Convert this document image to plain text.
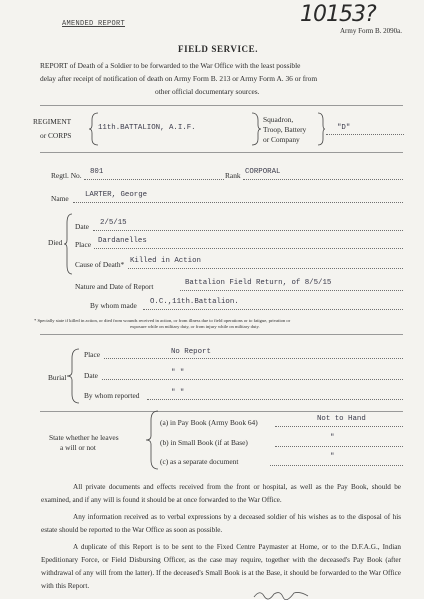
AMENDED REPORT	10153?
Army Form B. 2090a.
FIELD SERVICE.
REPORT of Death of a Soldier to be forwarded to the War Office with the least possible
delay after receipt of notification of death on Army Form B. 213 or Army Form A. 36 or from
other official documentary sources.
REGIMENT
or CORPS
11th.BATTALION, A.I.F.
Squadron,
Troop, Battery
or Company
"D"
Regtl. No. 801	Rank CORPORAL
Name LARTER, George
Died
Date 2/5/15
Place Dardanelles
Cause of Death* Killed in Action
Nature and Date of Report	Battalion Field Return, of 8/5/15
By whom made O.C.,11th.Battalion.
* Specially state if killed in action, or died from wounds received in action, or from illness due to field operations or to fatigue, privation or
exposure while on military duty, or from injury while on military duty.
Burial
Place	No Report
Date	" "
By whom reported	" "
State whether he leaves
a will or not
(a) in Pay Book (Army Book 64)	Not to Hand
(b) in Small Book (if at Base)	"
(c) as a separate document	"
All private documents and effects received from the front or hospital, as well as the Pay Book, should be examined, and if any will is found it should be at once forwarded to the War Office.
Any information received as to verbal expressions by a deceased soldier of his wishes as to the disposal of his estate should be reported to the War Office as soon as possible.
A duplicate of this Report is to be sent to the Fixed Centre Paymaster at Home, or to the D.F.A.G., Indian Epeditionary Force, or Field Disbursing Officer, as the case may require, together with the deceased's Pay Book (after withdrawal of any will from the latter). If the deceased's Small Book is at the Base, it should be forwarded to the War Office with this Report.
